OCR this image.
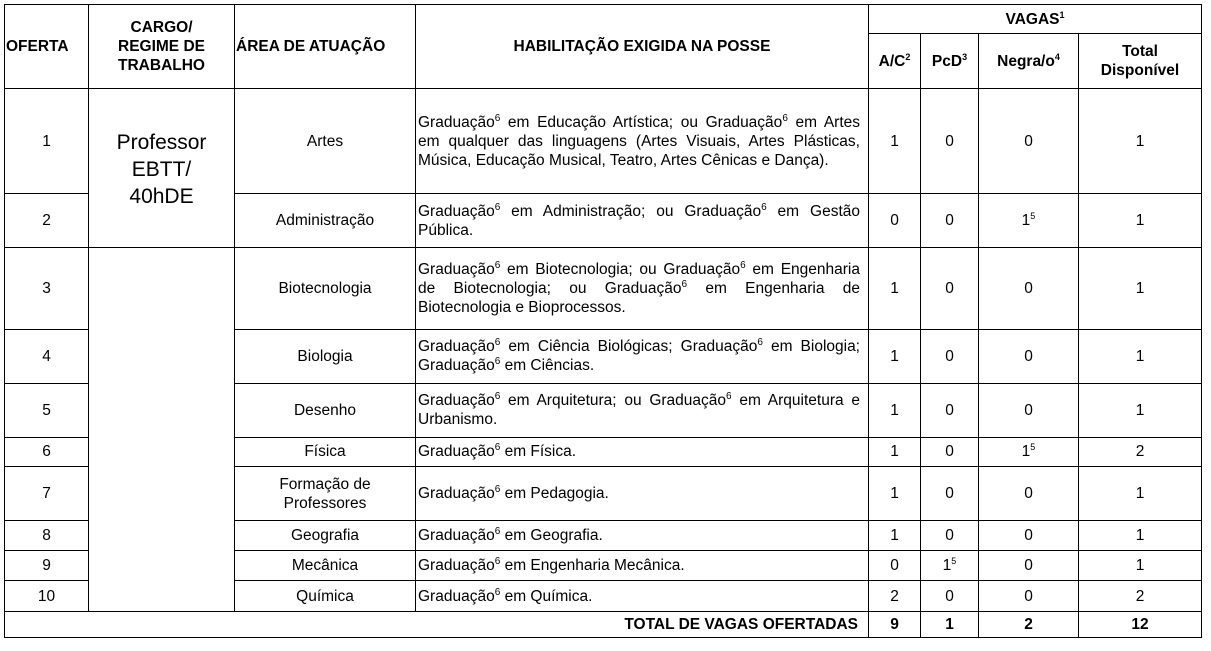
OFERTA	CARGO/
REGIME DE
TRABALHO	ÁREA DE ATUAÇÃO	HABILITAÇÃO EXIGIDA NA POSSE	VAGAS$^1$
				$A/C^2$	PcD$^3$	Negra/$o^4$	Total
Disponível
1	Professor
EBTT/
40hDE	Artes	Graduação$^6$ em Educação Artística; ou Graduação$^6$ em Artes em qualquer das linguagens (Artes Visuais, Artes Plásticas, Música, Educação Musical, Teatro, Artes Cênicas e Dança).	1	0	0	1
2		Administração	Graduação$^6$ em Administração; ou Graduação$^6$ em Gestão Pública.	0	0	$1^5$	1
3		Biotecnologia	Graduação$^6$ em Biotecnologia; ou Graduação$^6$ em Engenharia de Biotecnologia; ou Graduação$^6$ em Engenharia de Biotecnologia e Bioprocessos.	1	0	0	1
4		Biologia	Graduação$^6$ em Ciência Biológicas; Graduação$^6$ em Biologia; Graduação$^6$ em Ciências.	1	0	0	1
5		Desenho	Graduação$^6$ em Arquitetura; ou Graduação$^6$ em Arquitetura e Urbanismo.	1	0	0	1
6		Física	Graduação$^6$ em Física.	1	0	$1^5$	2
7		Formação de Professores	Graduação$^6$ em Pedagogia.	1	0	0	1
8		Geografia	Graduação$^6$ em Geografia.	1	0	0	1
9		Mecânica	Graduação$^6$ em Engenharia Mecânica.	0	$1^5$	0	1
10		Química	Graduação$^6$ em Química.	2	0	0	2
TOTAL DE VAGAS OFERTADAS				9	1	2	12
